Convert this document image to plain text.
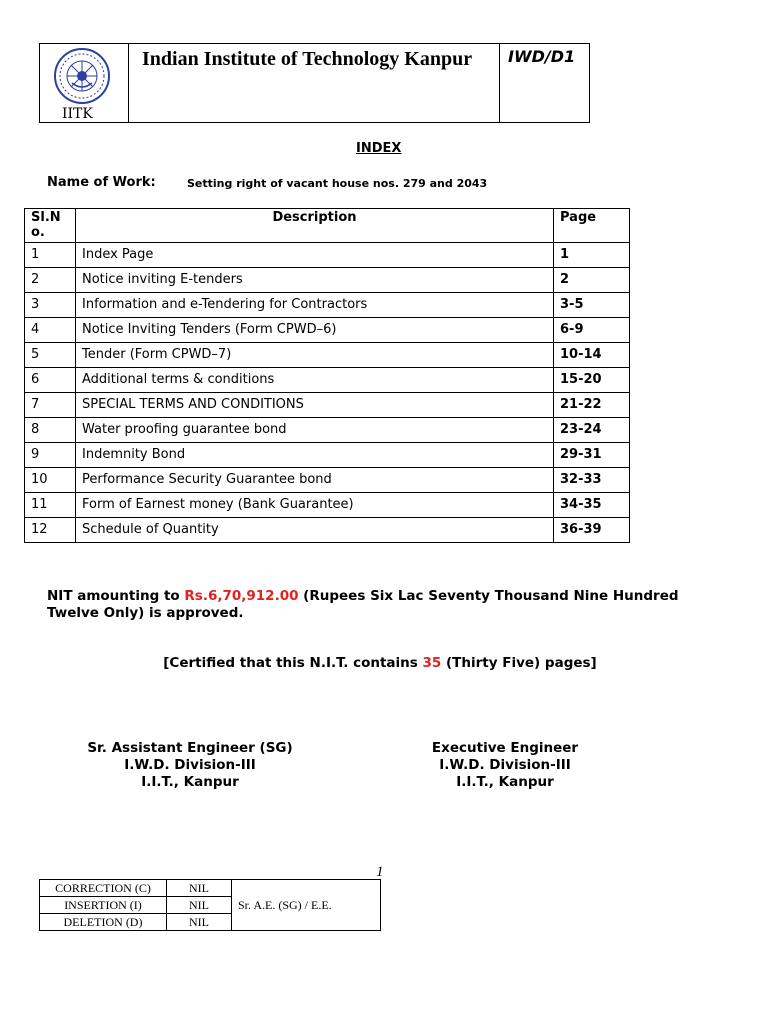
IITK
Indian Institute of Technology Kanpur IWD/D1
INDEX
Name of Work:	Setting right of vacant house nos. 279 and 2043
Sl.N o.	Description	Page
1	Index Page	1
2	Notice inviting E-tenders	2
3	Information and e-Tendering for Contractors	3-5
4	Notice Inviting Tenders (Form CPWD–6)	6-9
5	Tender (Form CPWD–7)	10-14
6	Additional terms & conditions	15-20
7	SPECIAL TERMS AND CONDITIONS	21-22
8	Water proofing guarantee bond	23-24
9	Indemnity Bond	29-31
10	Performance Security Guarantee bond	32-33
11	Form of Earnest money (Bank Guarantee)	34-35
12	Schedule of Quantity	36-39
NIT amounting to Rs.6,70,912.00 (Rupees Six Lac Seventy Thousand Nine Hundred Twelve Only) is approved.
[Certified that this N.I.T. contains 35 (Thirty Five) pages]
Sr. Assistant Engineer (SG)
I.W.D. Division-III
I.I.T., Kanpur
Executive Engineer
I.W.D. Division-III
I.I.T., Kanpur
1
CORRECTION (C)	NIL	Sr. A.E. (SG) / E.E.
INSERTION (I)	NIL	
DELETION (D)	NIL	
